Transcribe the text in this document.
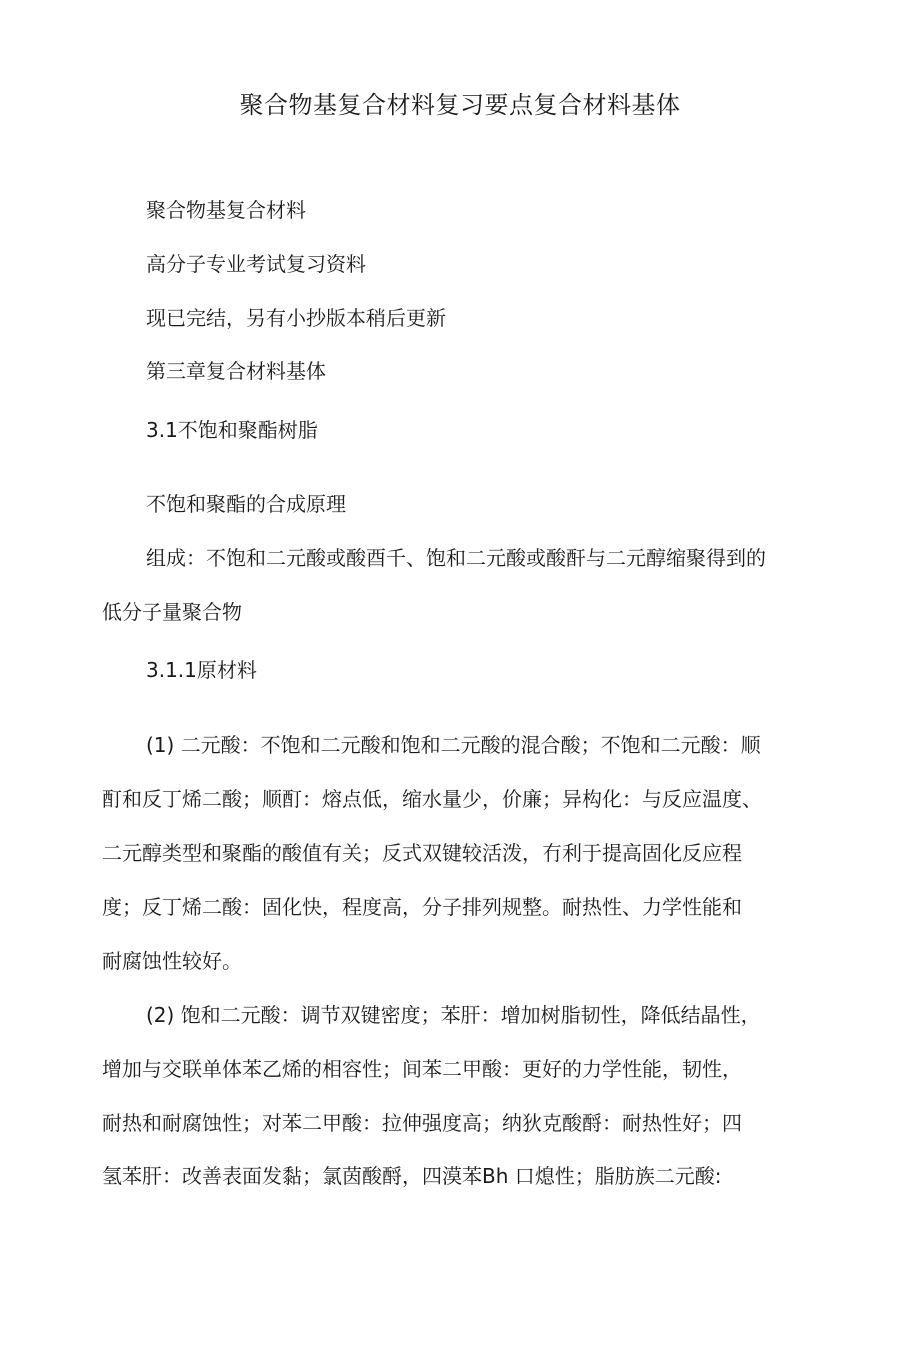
聚合物基复合材料复习要点复合材料基体
聚合物基复合材料
高分子专业考试复习资料
现已完结，另有小抄版本稍后更新
第三章复合材料基体
3.1不饱和聚酯树脂
不饱和聚酯的合成原理
组成：不饱和二元酸或酸酉千、饱和二元酸或酸酐与二元醇缩聚得到的
低分子量聚合物
3.1.1原材料
(1) 二元酸：不饱和二元酸和饱和二元酸的混合酸；不饱和二元酸：顺
酊和反丁烯二酸；顺酊：熔点低，缩水量少，价廉；异构化：与反应温度、
二元醇类型和聚酯的酸值有关；反式双键较活泼，冇利于提高固化反应程
度；反丁烯二酸：固化快，程度高，分子排列规整。耐热性、力学性能和
耐腐蚀性较好。
(2) 饱和二元酸：调节双键密度；苯肝：增加树脂韧性，降低结晶性，
增加与交联单体苯乙烯的相容性；间苯二甲酸：更好的力学性能，韧性，
耐热和耐腐蚀性；对苯二甲酸：拉伸强度高；纳狄克酸酹：耐热性好；四
氢苯肝：改善表面发黏；氯茵酸酹，四漠苯Bh 口熄性；脂肪族二元酸:
